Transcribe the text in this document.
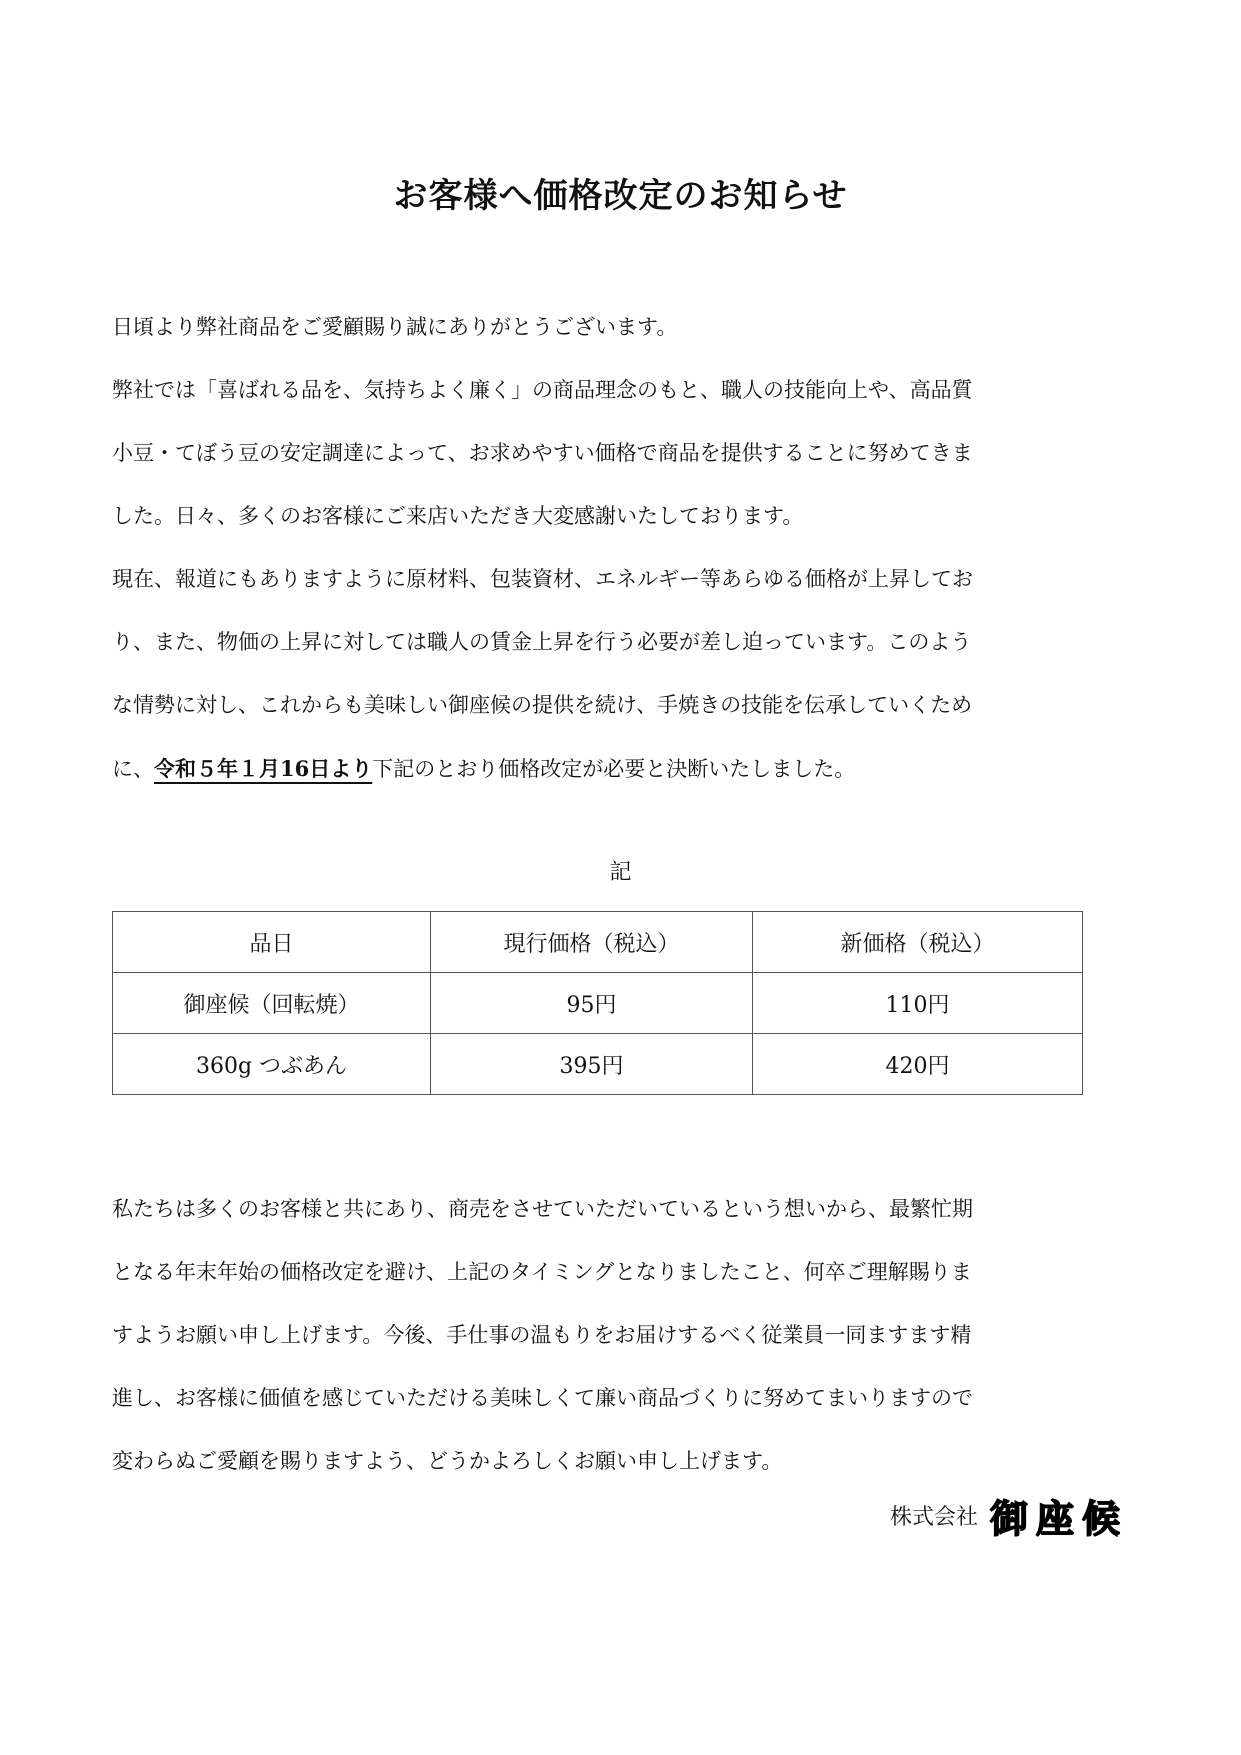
お客様へ価格改定のお知らせ
日頃より弊社商品をご愛顧賜り誠にありがとうございます。
弊社では「喜ばれる品を、気持ちよく廉く」の商品理念のもと、職人の技能向上や、高品質
小豆・てぼう豆の安定調達によって、お求めやすい価格で商品を提供することに努めてきま
した。日々、多くのお客様にご来店いただき大変感謝いたしております。
現在、報道にもありますように原材料、包装資材、エネルギー等あらゆる価格が上昇してお
り、また、物価の上昇に対しては職人の賃金上昇を行う必要が差し迫っています。このよう
な情勢に対し、これからも美味しい御座候の提供を続け、手焼きの技能を伝承していくため
に、令和５年１月16日より下記のとおり価格改定が必要と決断いたしました。
記
品日	現行価格（税込）	新価格（税込）
御座候（回転焼）	95円	110円
360g つぶあん	395円	420円
私たちは多くのお客様と共にあり、商売をさせていただいているという想いから、最繁忙期
となる年末年始の価格改定を避け、上記のタイミングとなりましたこと、何卒ご理解賜りま
すようお願い申し上げます。今後、手仕事の温もりをお届けするべく従業員一同ますます精
進し、お客様に価値を感じていただける美味しくて廉い商品づくりに努めてまいりますので
変わらぬご愛顧を賜りますよう、どうかよろしくお願い申し上げます。
株式会社 御座候
